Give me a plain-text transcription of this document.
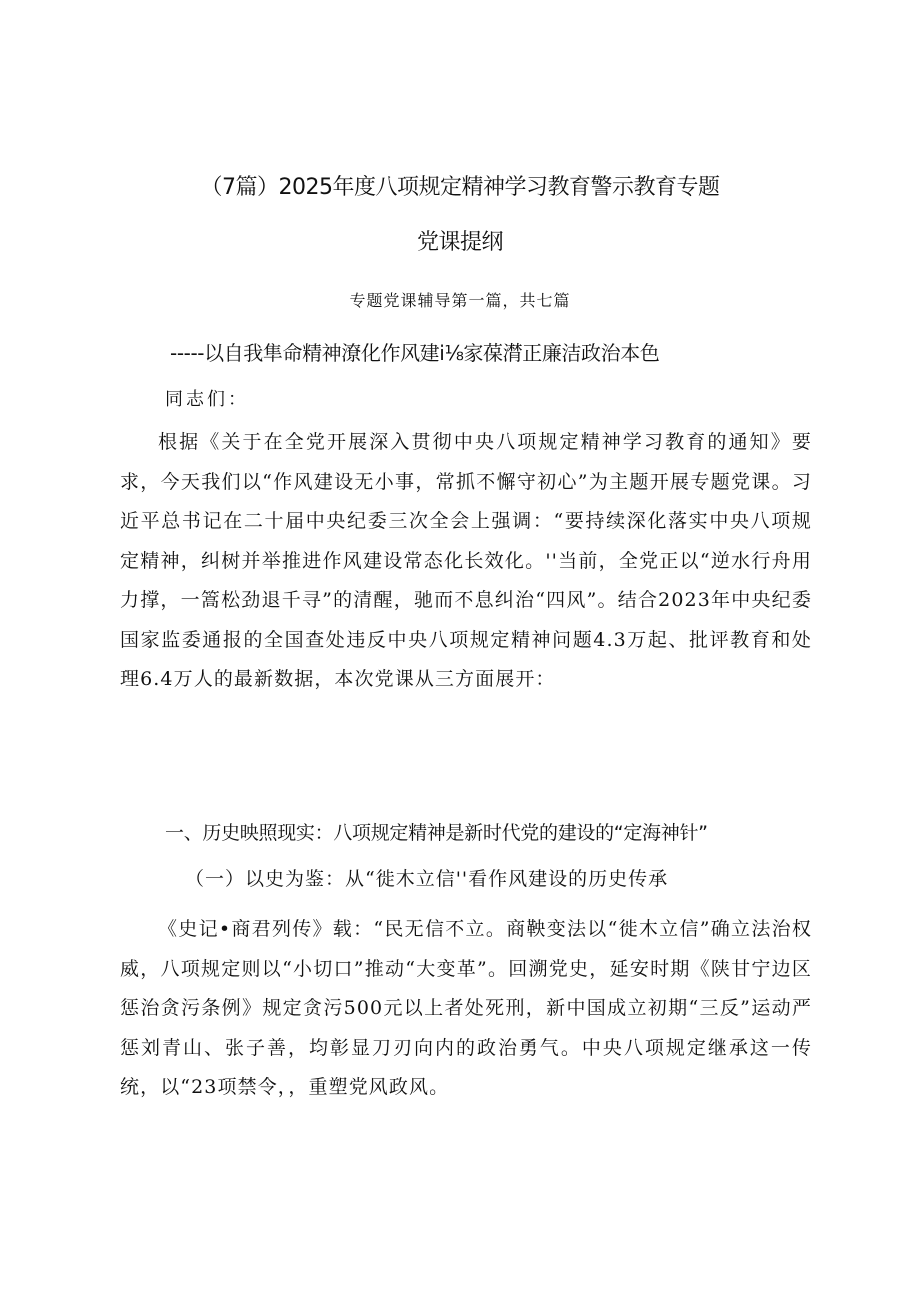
（7篇）2025年度八项规定精神学习教育警示教育专题
党课提纲
专题党课辅导第一篇，共七篇
-----以自我隼命精神潦化作风建i⅛家葆潸正廉洁政治本色
同志们：

根据《关于在全党开展深入贯彻中央八项规定精神学习教育的通知》要求，今天我们以“作风建设无小事，常抓不懈守初心”为主题开展专题党课。习近平总书记在二十届中央纪委三次全会上强调：“要持续深化落实中央八项规定精神，纠树并举推进作风建设常态化长效化。''当前，全党正以“逆水行舟用力撑，一篙松劲退千寻”的清醒，驰而不息纠治“四风”。结合2023年中央纪委国家监委通报的全国查处违反中央八项规定精神问题4.3万起、批评教育和处理6.4万人的最新数据，本次党课从三方面展开：

一、历史映照现实：八项规定精神是新时代党的建设的“定海神针”
（一）以史为鉴：从“徙木立信''看作风建设的历史传承

《史记•商君列传》载：“民无信不立。商鞅变法以“徙木立信”确立法治权威，八项规定则以“小切口”推动“大变革”。回溯党史，延安时期《陕甘宁边区惩治贪污条例》规定贪污500元以上者处死刑，新中国成立初期“三反”运动严惩刘青山、张子善，均彰显刀刃向内的政治勇气。中央八项规定继承这一传统，以“23项禁令，，重塑党风政风。
